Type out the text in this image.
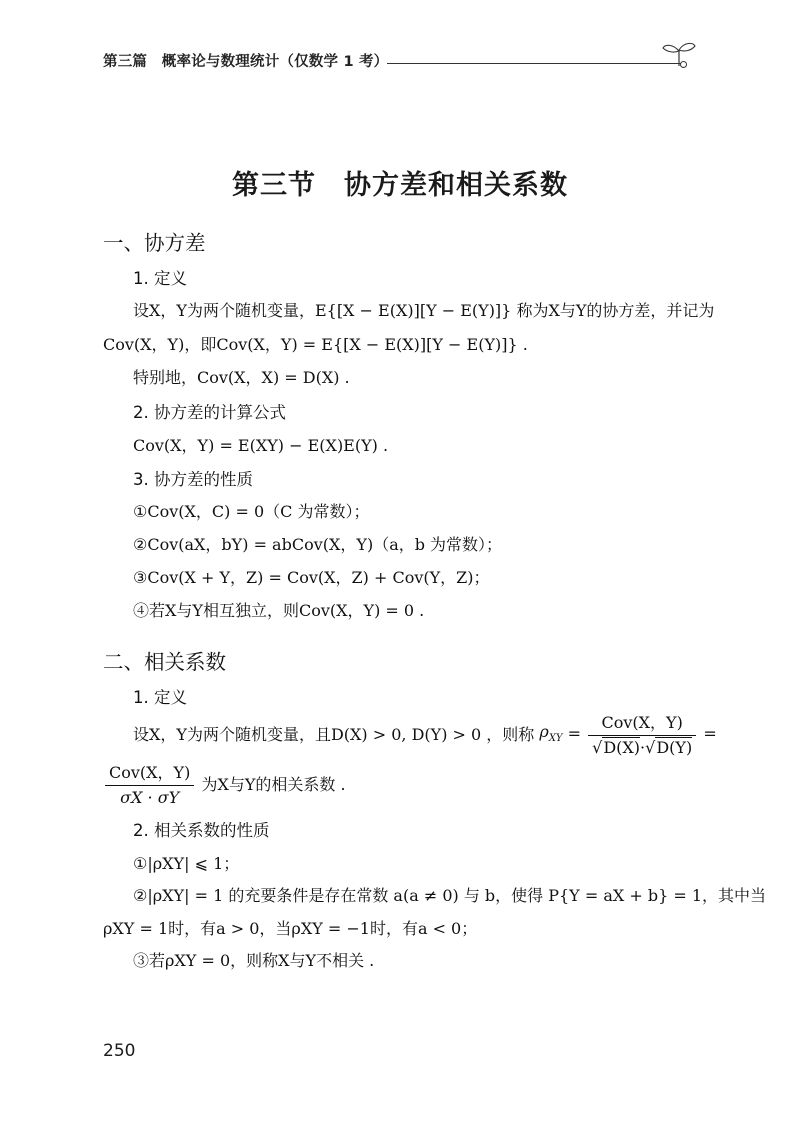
第三篇　概率论与数理统计（仅数学 1 考）
第三节　协方差和相关系数
一、协方差
1. 定义
设X，Y为两个随机变量，E{[X − E(X)][Y − E(Y)]} 称为X与Y的协方差，并记为
Cov(X，Y)，即Cov(X，Y) = E{[X − E(X)][Y − E(Y)]} .
特别地，Cov(X，X) = D(X) .
2. 协方差的计算公式
Cov(X，Y) = E(XY) − E(X)E(Y) .
3. 协方差的性质
①Cov(X，C) = 0（C 为常数）；
②Cov(aX，bY) = abCov(X，Y)（a，b 为常数）；
③Cov(X + Y，Z) = Cov(X，Z) + Cov(Y，Z)；
④若X与Y相互独立，则Cov(X，Y) = 0 .
二、相关系数
1. 定义
设X，Y为两个随机变量，且D(X) > 0, D(Y) > 0 ，则称 $\rho_{XY} = \frac{\text{Cov(X，Y)}}{√D(X)\cdot√D(Y)}$ =
$\frac{\text{Cov(X，Y)}}{\sigma X \cdot \sigma Y}$ 为X与Y的相关系数 .
2. 相关系数的性质
①|ρXY| ⩽ 1；
②|ρXY| = 1 的充要条件是存在常数 a(a ≠ 0) 与 b，使得 P{Y = aX + b} = 1，其中当
ρXY = 1时，有a > 0，当ρXY = −1时，有a < 0；
③若ρXY = 0，则称X与Y不相关 .
250
